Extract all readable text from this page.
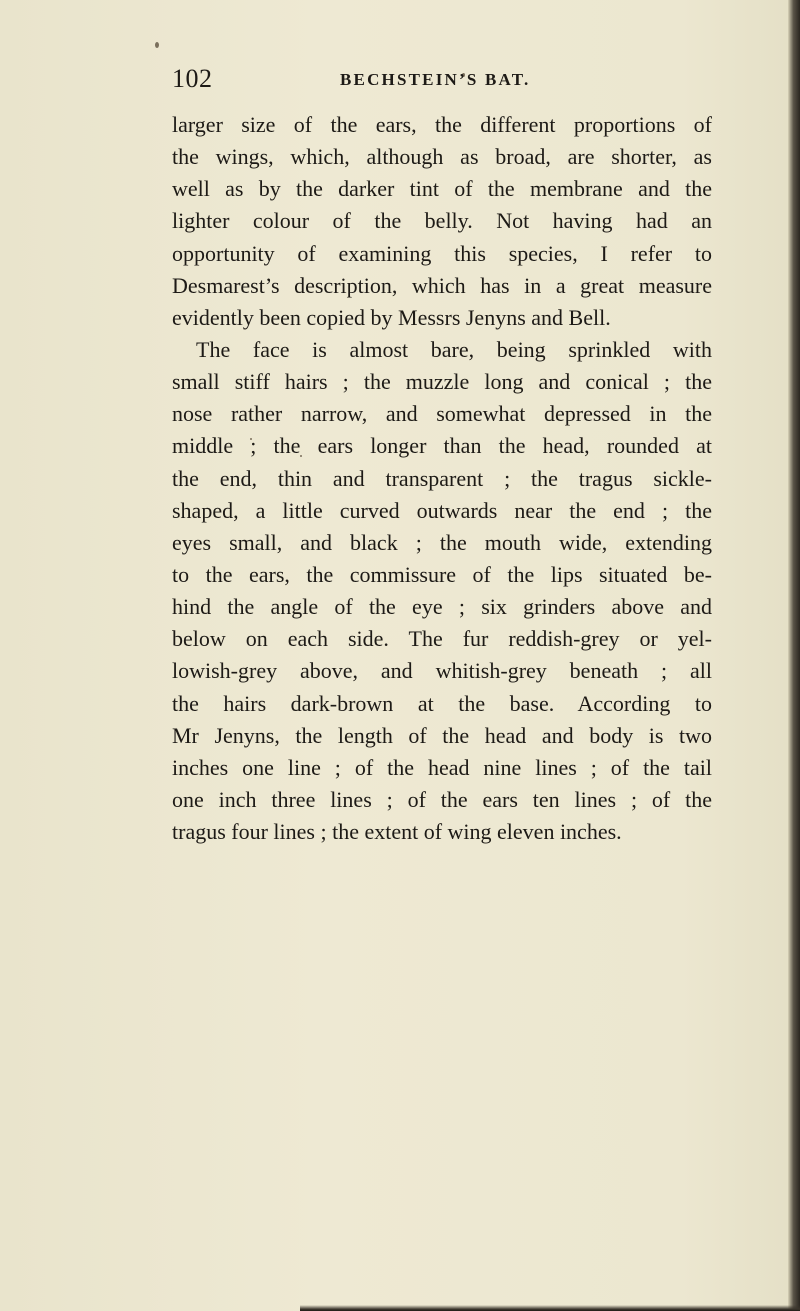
102	BECHSTEIN’S BAT.
larger size of the ears, the different proportions of
the wings, which, although as broad, are shorter, as
well as by the darker tint of the membrane and the
lighter colour of the belly. Not having had an
opportunity of examining this species, I refer to
Desmarest’s description, which has in a great measure
evidently been copied by Messrs Jenyns and Bell.
The face is almost bare, being sprinkled with
small stiff hairs ; the muzzle long and conical ; the
nose rather narrow, and somewhat depressed in the
middle ; the ears longer than the head, rounded at
the end, thin and transparent ; the tragus sickle-
shaped, a little curved outwards near the end ; the
eyes small, and black ; the mouth wide, extending
to the ears, the commissure of the lips situated be-
hind the angle of the eye ; six grinders above and
below on each side. The fur reddish-grey or yel-
lowish-grey above, and whitish-grey beneath ; all
the hairs dark-brown at the base. According to
Mr Jenyns, the length of the head and body is two
inches one line ; of the head nine lines ; of the tail
one inch three lines ; of the ears ten lines ; of the
tragus four lines ; the extent of wing eleven inches.
